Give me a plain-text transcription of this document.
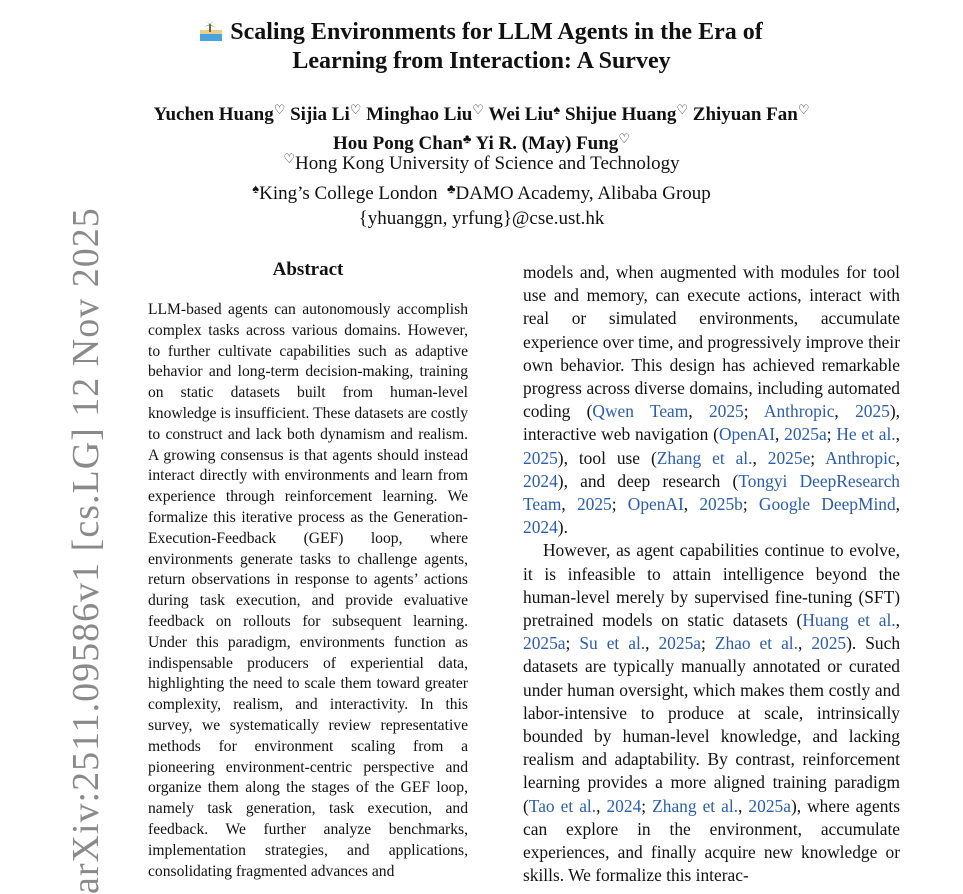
arXiv:2511.09586v1 [cs.LG] 12 Nov 2025
Scaling Environments for LLM Agents in the Era of
Learning from Interaction: A Survey
Yuchen Huang♡ Sijia Li♡ Minghao Liu♡ Wei Liu♠ Shijue Huang♡ Zhiyuan Fan♡
Hou Pong Chan♣ Yi R. (May) Fung♡
♡Hong Kong University of Science and Technology
♠King’s College London ♣DAMO Academy, Alibaba Group
{yhuanggn, yrfung}@cse.ust.hk
Abstract
LLM-based agents can autonomously accomplish complex tasks across various domains. However, to further cultivate capabilities such as adaptive behavior and long-term decision-making, training on static datasets built from human-level knowledge is insufficient. These datasets are costly to construct and lack both dynamism and realism. A growing consensus is that agents should instead interact directly with environments and learn from experience through reinforcement learning. We formalize this iterative process as the Generation-Execution-Feedback (GEF) loop, where environments generate tasks to challenge agents, return observations in response to agents’ actions during task execution, and provide evaluative feedback on rollouts for subsequent learning. Under this paradigm, environments function as indispensable producers of experiential data, highlighting the need to scale them toward greater complexity, realism, and interactivity. In this survey, we systematically review representative methods for environment scaling from a pioneering environment-centric perspective and organize them along the stages of the GEF loop, namely task generation, task execution, and feedback. We further analyze benchmarks, implementation strategies, and applications, consolidating fragmented advances and

models and, when augmented with modules for tool use and memory, can execute actions, interact with real or simulated environments, accumulate experience over time, and progressively improve their own behavior. This design has achieved remarkable progress across diverse domains, including automated coding (Qwen Team, 2025; Anthropic, 2025), interactive web navigation (OpenAI, 2025a; He et al., 2025), tool use (Zhang et al., 2025e; Anthropic, 2024), and deep research (Tongyi DeepResearch Team, 2025; OpenAI, 2025b; Google DeepMind, 2024).

However, as agent capabilities continue to evolve, it is infeasible to attain intelligence beyond the human-level merely by supervised fine-tuning (SFT) pretrained models on static datasets (Huang et al., 2025a; Su et al., 2025a; Zhao et al., 2025). Such datasets are typically manually annotated or curated under human oversight, which makes them costly and labor-intensive to produce at scale, intrinsically bounded by human-level knowledge, and lacking realism and adaptability. By contrast, reinforcement learning provides a more aligned training paradigm (Tao et al., 2024; Zhang et al., 2025a), where agents can explore in the environment, accumulate experiences, and finally acquire new knowledge or skills. We formalize this interac-
